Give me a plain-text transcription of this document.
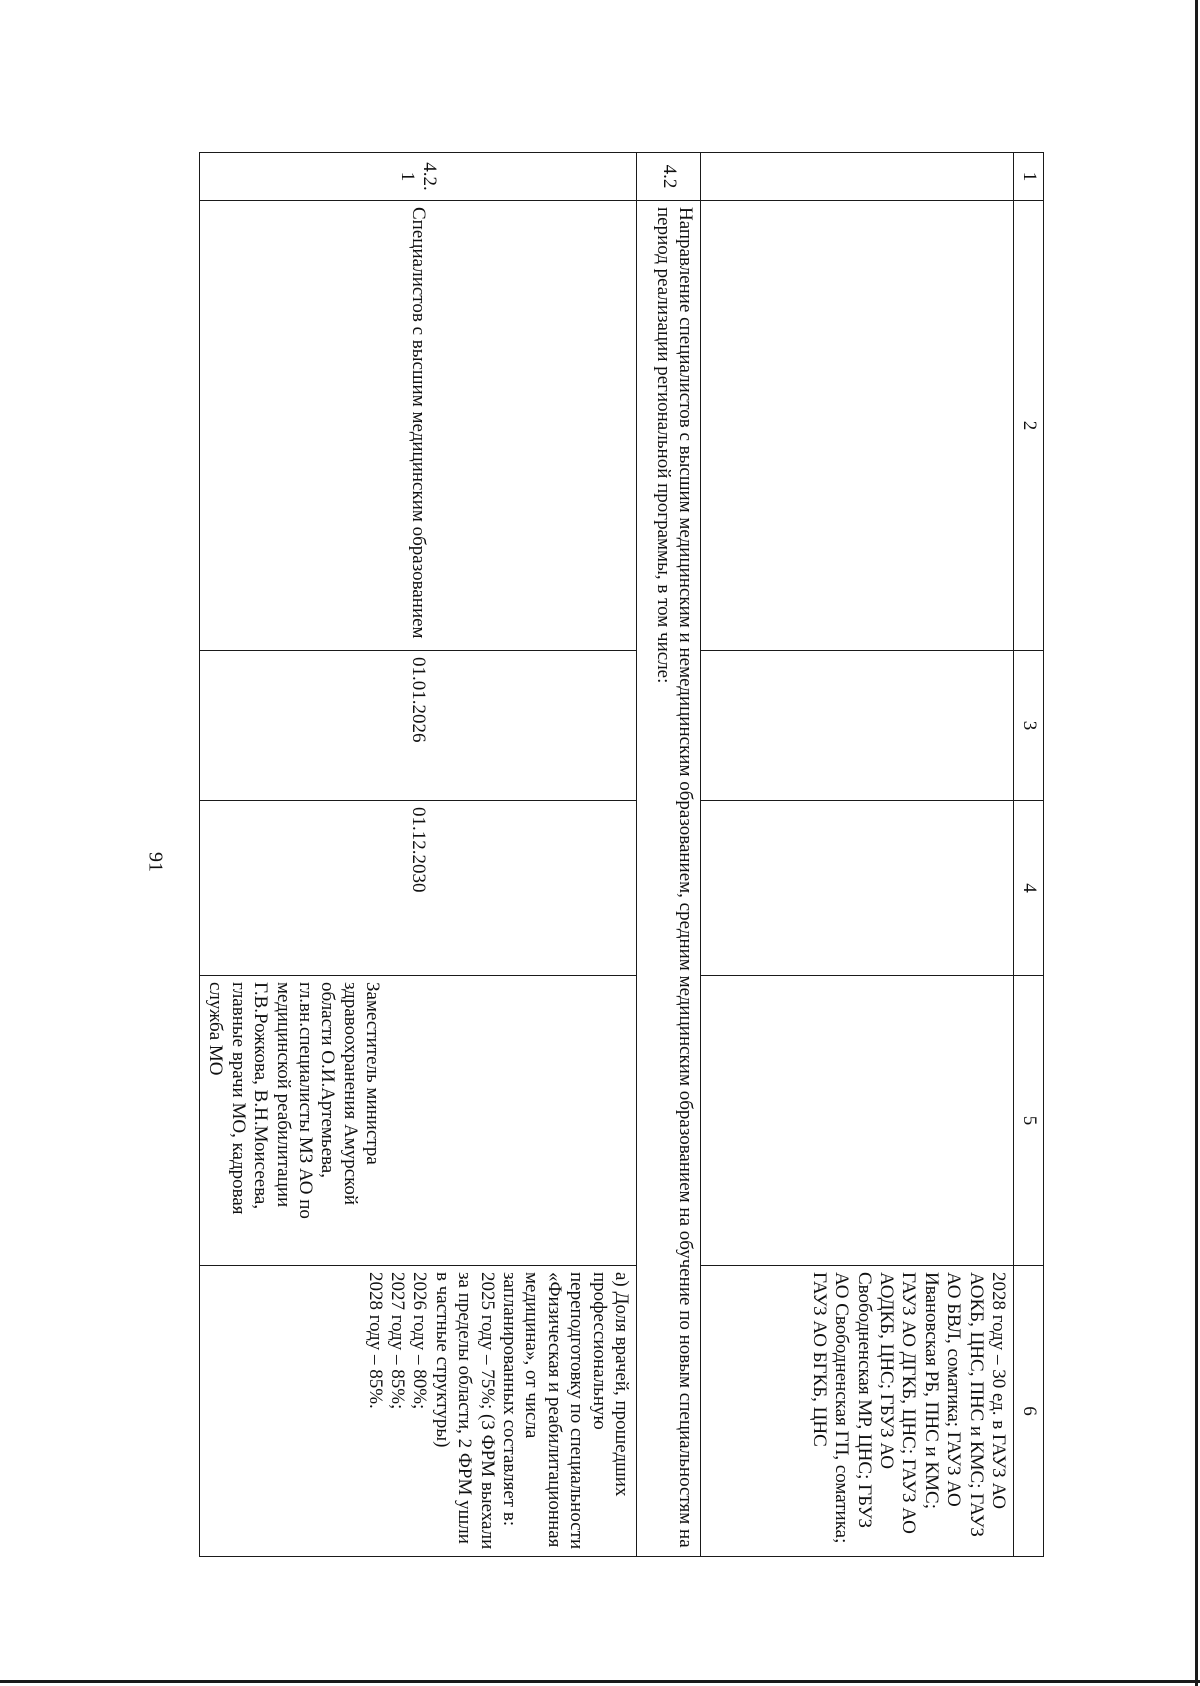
91
1	2	3	4	5	6
					2028 году – 30 ед. в ГАУЗ АО АОКБ, ЦНС, ПНС и КМС; ГАУЗ АО БВЛ, соматика; ГАУЗ АО Ивановская РБ, ПНС и КМС; ГАУЗ АО ДГКБ, ЦНС; ГАУЗ АО АОДКБ, ЦНС; ГБУЗ АО Свободненская МР, ЦНС; ГБУЗ АО Свободненская ГП, соматика; ГАУЗ АО БГКБ, ЦНС
4.2	Направление специалистов с высшим медицинским и немедицинским образованием, средним медицинским образованием на обучение по новым специальностям на период реализации региональной программы, в том числе:				
4.2.1	Специалистов с высшим медицинским образованием	01.01.2026	01.12.2030	Заместитель министра здравоохранения Амурской области О.И.Артемьева, гл.вн.специалисты МЗ АО по медицинской реабилитации Г.В.Рожкова, В.Н.Моисеева, главные врачи МО, кадровая служба МО	а) Доля врачей, прошедших профессиональную переподготовку по специальности «Физическая и реабилитационная медицина», от числа запланированных составляет в:
2025 году – 75%; (3 ФРМ выехали за пределы области, 2 ФРМ ушли в частные структуры)
2026 году – 80%;
2027 году – 85%;
2028 году – 85%.
